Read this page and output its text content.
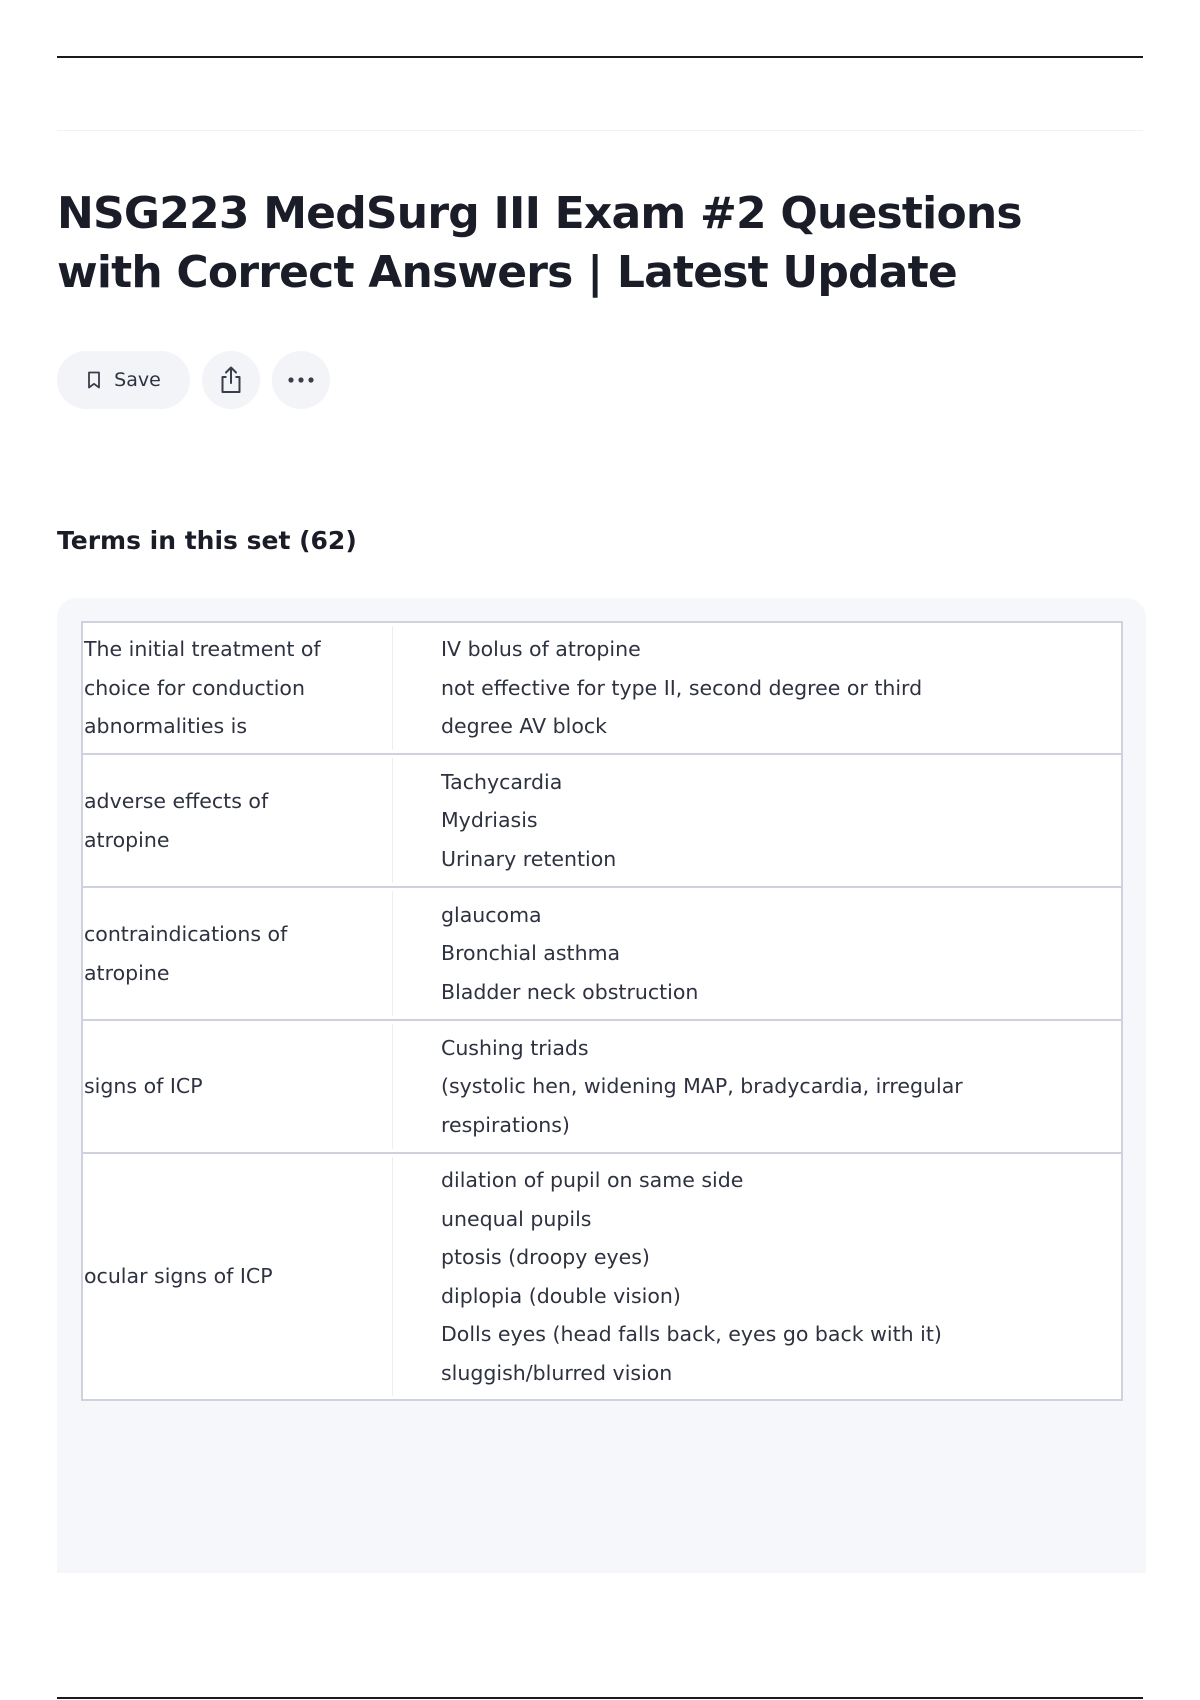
NSG223 MedSurg III Exam #2 Questions with Correct Answers | Latest Update
Save
Terms in this set (62)
The initial treatment of choice for conduction abnormalities is
IV bolus of atropine
not effective for type II, second degree or third
degree AV block
adverse effects of atropine
Tachycardia
Mydriasis
Urinary retention
contraindications of atropine
glaucoma
Bronchial asthma
Bladder neck obstruction
signs of ICP
Cushing triads
(systolic hen, widening MAP, bradycardia, irregular
respirations)
ocular signs of ICP
dilation of pupil on same side
unequal pupils
ptosis (droopy eyes)
diplopia (double vision)
Dolls eyes (head falls back, eyes go back with it)
sluggish/blurred vision
